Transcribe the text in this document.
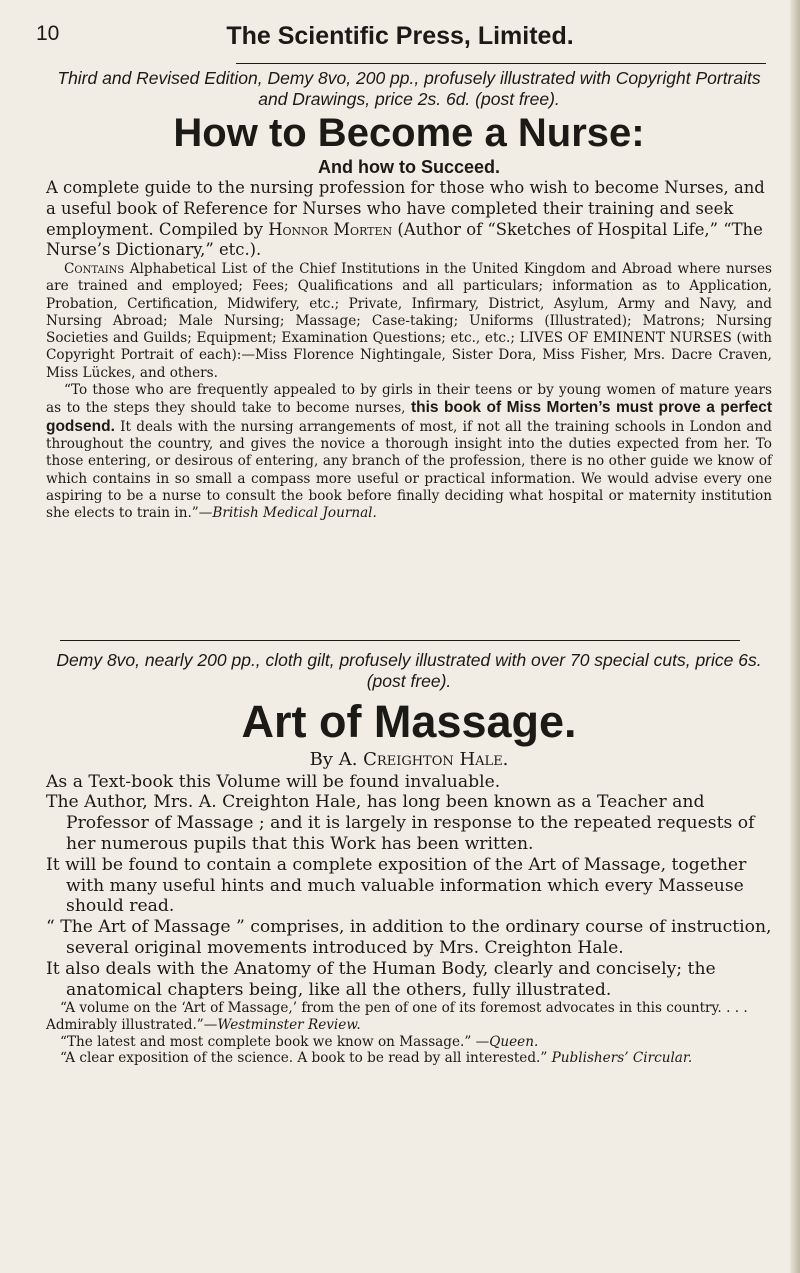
10	The Scientific Press, Limited.

Third and Revised Edition, Demy 8vo, 200 pp., profusely illustrated with Copyright Portraits and Drawings, price 2s. 6d. (post free).

How to Become a Nurse:
And how to Succeed.

A complete guide to the nursing profession for those who wish to become Nurses, and a useful book of Reference for Nurses who have completed their training and seek employment. Compiled by Honnor Morten (Author of “Sketches of Hospital Life,” “The Nurse’s Dictionary,” etc.).

Contains Alphabetical List of the Chief Institutions in the United Kingdom and Abroad where nurses are trained and employed; Fees; Qualifications and all particulars; information as to Application, Probation, Certification, Midwifery, etc.; Private, Infirmary, District, Asylum, Army and Navy, and Nursing Abroad; Male Nursing; Massage; Case-taking; Uniforms (Illustrated); Matrons; Nursing Societies and Guilds; Equipment; Examination Questions; etc., etc.; LIVES OF EMINENT NURSES (with Copyright Portrait of each):—Miss Florence Nightingale, Sister Dora, Miss Fisher, Mrs. Dacre Craven, Miss Lückes, and others.

“To those who are frequently appealed to by girls in their teens or by young women of mature years as to the steps they should take to become nurses, this book of Miss Morten’s must prove a perfect godsend. It deals with the nursing arrangements of most, if not all the training schools in London and throughout the country, and gives the novice a thorough insight into the duties expected from her. To those entering, or desirous of entering, any branch of the profession, there is no other guide we know of which contains in so small a compass more useful or practical information. We would advise every one aspiring to be a nurse to consult the book before finally deciding what hospital or maternity institution she elects to train in.”—British Medical Journal.

Demy 8vo, nearly 200 pp., cloth gilt, profusely illustrated with over 70 special cuts, price 6s. (post free).

Art of Massage.
By A. Creighton Hale.

As a Text-book this Volume will be found invaluable.

The Author, Mrs. A. Creighton Hale, has long been known as a Teacher and Professor of Massage ; and it is largely in response to the repeated requests of her numerous pupils that this Work has been written.

It will be found to contain a complete exposition of the Art of Massage, together with many useful hints and much valuable information which every Masseuse should read.

“ The Art of Massage ” comprises, in addition to the ordinary course of instruction, several original movements introduced by Mrs. Creighton Hale.

It also deals with the Anatomy of the Human Body, clearly and concisely; the anatomical chapters being, like all the others, fully illustrated.

“A volume on the ‘Art of Massage,’ from the pen of one of its foremost advocates in this country. . . . Admirably illustrated.”—Westminster Review.

“The latest and most complete book we know on Massage.” —Queen.

“A clear exposition of the science. A book to be read by all interested.” Publishers’ Circular.
